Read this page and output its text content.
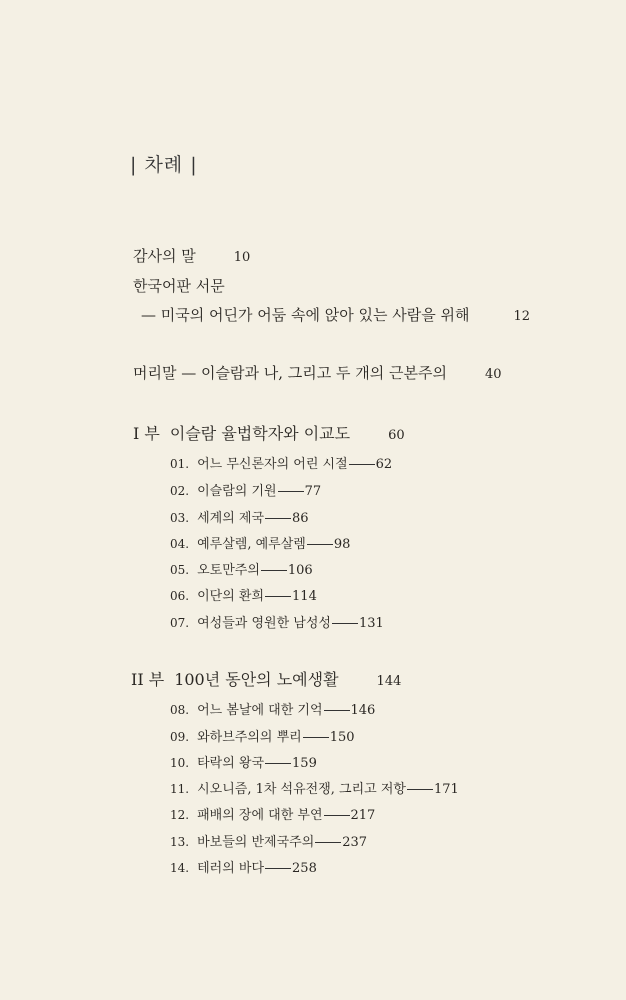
| 차례 |
감사의 말	10
한국어판 서문
— 미국의 어딘가 어둠 속에 앉아 있는 사람을 위해	12
머리말 — 이슬람과 나, 그리고 두 개의 근본주의	40
I 부 이슬람 율법학자와 이교도	60
01. 어느 무신론자의 어린 시절 62
02. 이슬람의 기원 77
03. 세계의 제국 86
04. 예루살렘, 예루살렘 98
05. 오토만주의 106
06. 이단의 환희 114
07. 여성들과 영원한 남성성 131
II 부 100년 동안의 노예생활	144
08. 어느 봄날에 대한 기억 146
09. 와하브주의의 뿌리 150
10. 타락의 왕국 159
11. 시오니즘, 1차 석유전쟁, 그리고 저항 171
12. 패배의 장에 대한 부연 217
13. 바보들의 반제국주의 237
14. 테러의 바다 258
